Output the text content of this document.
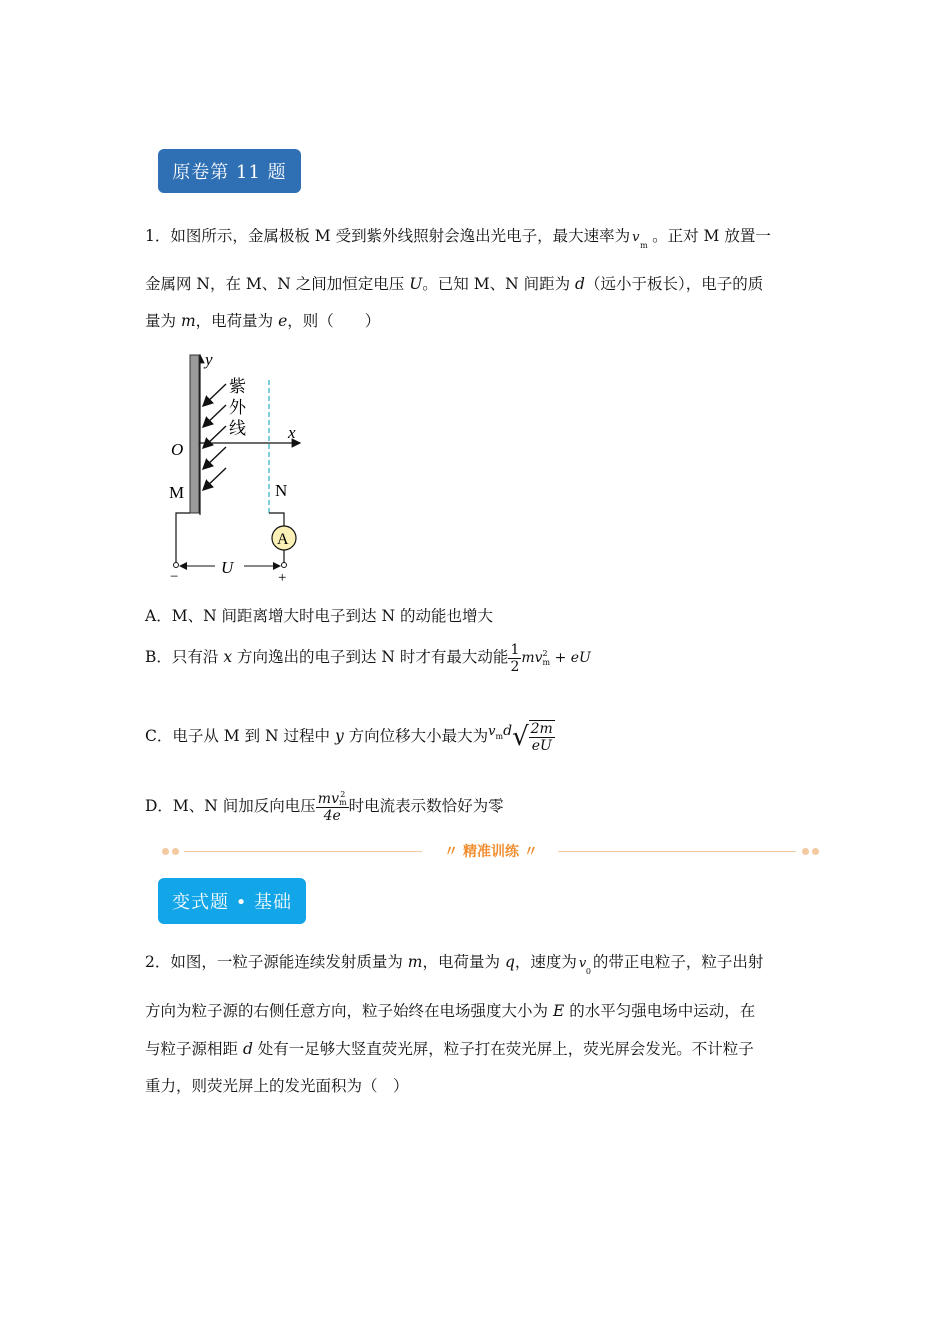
原卷第 11 题
1．如图所示，金属极板 M 受到紫外线照射会逸出光电子，最大速率为 v
m
。正对 M 放置一
金属网 N，在 M、N 之间加恒定电压 U。已知 M、N 间距为 d（远小于板长），电子的质
量为 m，电荷量为 e，则（　　）
y
x
O
紫
外
线
M	N
A
U
−	+
A．M、N 间距离增大时电子到达 N 的动能也增大
B．只有沿 x 方向逸出的电子到达 N 时才有最大动能 $\frac{1}{2}$ mv 2
m + eU
C．电子从 M 到 N 过程中 y 方向位移大小最大为$^vmd√ \frac{2m}{eU}$
D．M、N 间加反向电压 mv 2
m
4e 时电流表示数恰好为零
〃 精准训练 〃
变式题 • 基础
2．如图，一粒子源能连续发射质量为 m，电荷量为 q，速度为 v
0
的带正电粒子，粒子出射
方向为粒子源的右侧任意方向，粒子始终在电场强度大小为 E 的水平匀强电场中运动，在
与粒子源相距 d 处有一足够大竖直荧光屏，粒子打在荧光屏上，荧光屏会发光。不计粒子
重力，则荧光屏上的发光面积为（　）
